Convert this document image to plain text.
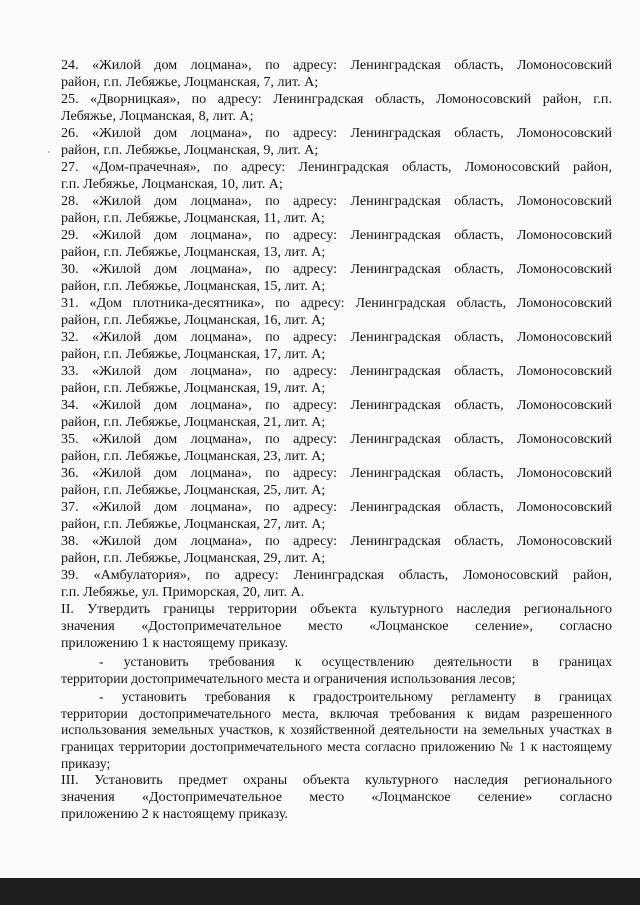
24. «Жилой дом лоцмана», по адресу: Ленинградская область, Ломоносовский

район, г.п. Лебяжье, Лоцманская, 7, лит. А;

25. «Дворницкая», по адресу: Ленинградская область, Ломоносовский район, г.п.

Лебяжье, Лоцманская, 8, лит. А;

26. «Жилой дом лоцмана», по адресу: Ленинградская область, Ломоносовский

район, г.п. Лебяжье, Лоцманская, 9, лит. А;

27. «Дом-прачечная», по адресу: Ленинградская область, Ломоносовский район,

г.п. Лебяжье, Лоцманская, 10, лит. А;

28. «Жилой дом лоцмана», по адресу: Ленинградская область, Ломоносовский

район, г.п. Лебяжье, Лоцманская, 11, лит. А;

29. «Жилой дом лоцмана», по адресу: Ленинградская область, Ломоносовский

район, г.п. Лебяжье, Лоцманская, 13, лит. А;

30. «Жилой дом лоцмана», по адресу: Ленинградская область, Ломоносовский

район, г.п. Лебяжье, Лоцманская, 15, лит. А;

31. «Дом плотника-десятника», по адресу: Ленинградская область, Ломоносовский

район, г.п. Лебяжье, Лоцманская, 16, лит. А;

32. «Жилой дом лоцмана», по адресу: Ленинградская область, Ломоносовский

район, г.п. Лебяжье, Лоцманская, 17, лит. А;

33. «Жилой дом лоцмана», по адресу: Ленинградская область, Ломоносовский

район, г.п. Лебяжье, Лоцманская, 19, лит. А;

34. «Жилой дом лоцмана», по адресу: Ленинградская область, Ломоносовский

район, г.п. Лебяжье, Лоцманская, 21, лит. А;

35. «Жилой дом лоцмана», по адресу: Ленинградская область, Ломоносовский

район, г.п. Лебяжье, Лоцманская, 23, лит. А;

36. «Жилой дом лоцмана», по адресу: Ленинградская область, Ломоносовский

район, г.п. Лебяжье, Лоцманская, 25, лит. А;

37. «Жилой дом лоцмана», по адресу: Ленинградская область, Ломоносовский

район, г.п. Лебяжье, Лоцманская, 27, лит. А;

38. «Жилой дом лоцмана», по адресу: Ленинградская область, Ломоносовский

район, г.п. Лебяжье, Лоцманская, 29, лит. А;

39. «Амбулатория», по адресу: Ленинградская область, Ломоносовский район,

г.п. Лебяжье, ул. Приморская, 20, лит. А.

II. Утвердить границы территории объекта культурного наследия регионального

значения «Достопримечательное место «Лоцманское селение», согласно

приложению 1 к настоящему приказу.

- установить требования к осуществлению деятельности в границах
территории достопримечательного места и ограничения использования лесов;
- установить требования к градостроительному регламенту в границах
территории достопримечательного места, включая требования к видам разрешенного использования земельных участков, к хозяйственной деятельности на земельных участках в границах территории достопримечательного места согласно приложению № 1 к настоящему приказу;

III. Установить предмет охраны объекта культурного наследия регионального

значения «Достопримечательное место «Лоцманское селение» согласно

приложению 2 к настоящему приказу.
